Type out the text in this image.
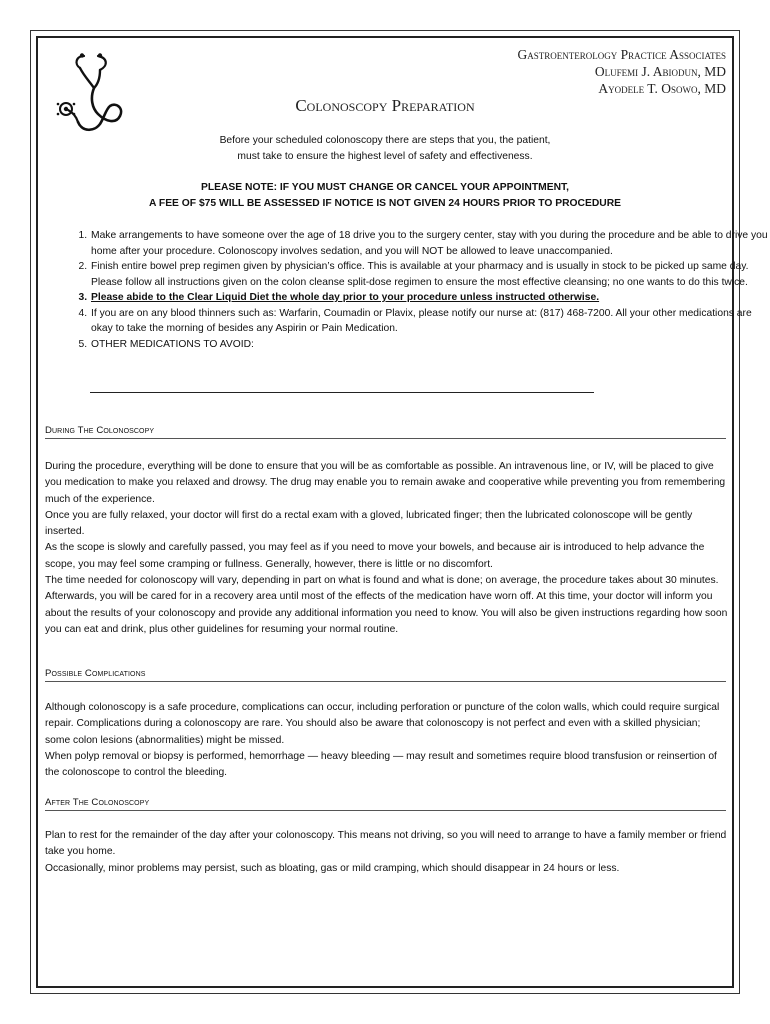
Gastroenterology Practice Associates
Olufemi J. Abiodun, MD
Ayodele T. Osowo, MD
Colonoscopy Preparation
Before your scheduled colonoscopy there are steps that you, the patient,
must take to ensure the highest level of safety and effectiveness.
PLEASE NOTE: IF YOU MUST CHANGE OR CANCEL YOUR APPOINTMENT,
A FEE OF $75 WILL BE ASSESSED IF NOTICE IS NOT GIVEN 24 HOURS PRIOR TO PROCEDURE
1. Make arrangements to have someone over the age of 18 drive you to the surgery center, stay with you during the procedure and be able to drive you home after your procedure. Colonoscopy involves sedation, and you will NOT be allowed to leave unaccompanied.
2. Finish entire bowel prep regimen given by physician’s office. This is available at your pharmacy and is usually in stock to be picked up same day. Please follow all instructions given on the colon cleanse split-dose regimen to ensure the most effective cleansing; no one wants to do this twice.
3. Please abide to the Clear Liquid Diet the whole day prior to your procedure unless instructed otherwise.
4. If you are on any blood thinners such as: Warfarin, Coumadin or Plavix, please notify our nurse at: (817) 468-7200. All your other medications are okay to take the morning of besides any Aspirin or Pain Medication.
5. OTHER MEDICATIONS TO AVOID:
During The Colonoscopy

During the procedure, everything will be done to ensure that you will be as comfortable as possible. An intravenous line, or IV, will be placed to give you medication to make you relaxed and drowsy. The drug may enable you to remain awake and cooperative while preventing you from remembering much of the experience.

Once you are fully relaxed, your doctor will first do a rectal exam with a gloved, lubricated finger; then the lubricated colonoscope will be gently inserted.

As the scope is slowly and carefully passed, you may feel as if you need to move your bowels, and because air is introduced to help advance the scope, you may feel some cramping or fullness. Generally, however, there is little or no discomfort.

The time needed for colonoscopy will vary, depending in part on what is found and what is done; on average, the procedure takes about 30 minutes. Afterwards, you will be cared for in a recovery area until most of the effects of the medication have worn off. At this time, your doctor will inform you about the results of your colonoscopy and provide any additional information you need to know. You will also be given instructions regarding how soon you can eat and drink, plus other guidelines for resuming your normal routine.

Possible Complications

Although colonoscopy is a safe procedure, complications can occur, including perforation or puncture of the colon walls, which could require surgical repair. Complications during a colonoscopy are rare. You should also be aware that colonoscopy is not perfect and even with a skilled physician; some colon lesions (abnormalities) might be missed.

When polyp removal or biopsy is performed, hemorrhage — heavy bleeding — may result and sometimes require blood transfusion or reinsertion of the colonoscope to control the bleeding.

After The Colonoscopy

Plan to rest for the remainder of the day after your colonoscopy. This means not driving, so you will need to arrange to have a family member or friend take you home.

Occasionally, minor problems may persist, such as bloating, gas or mild cramping, which should disappear in 24 hours or less.
